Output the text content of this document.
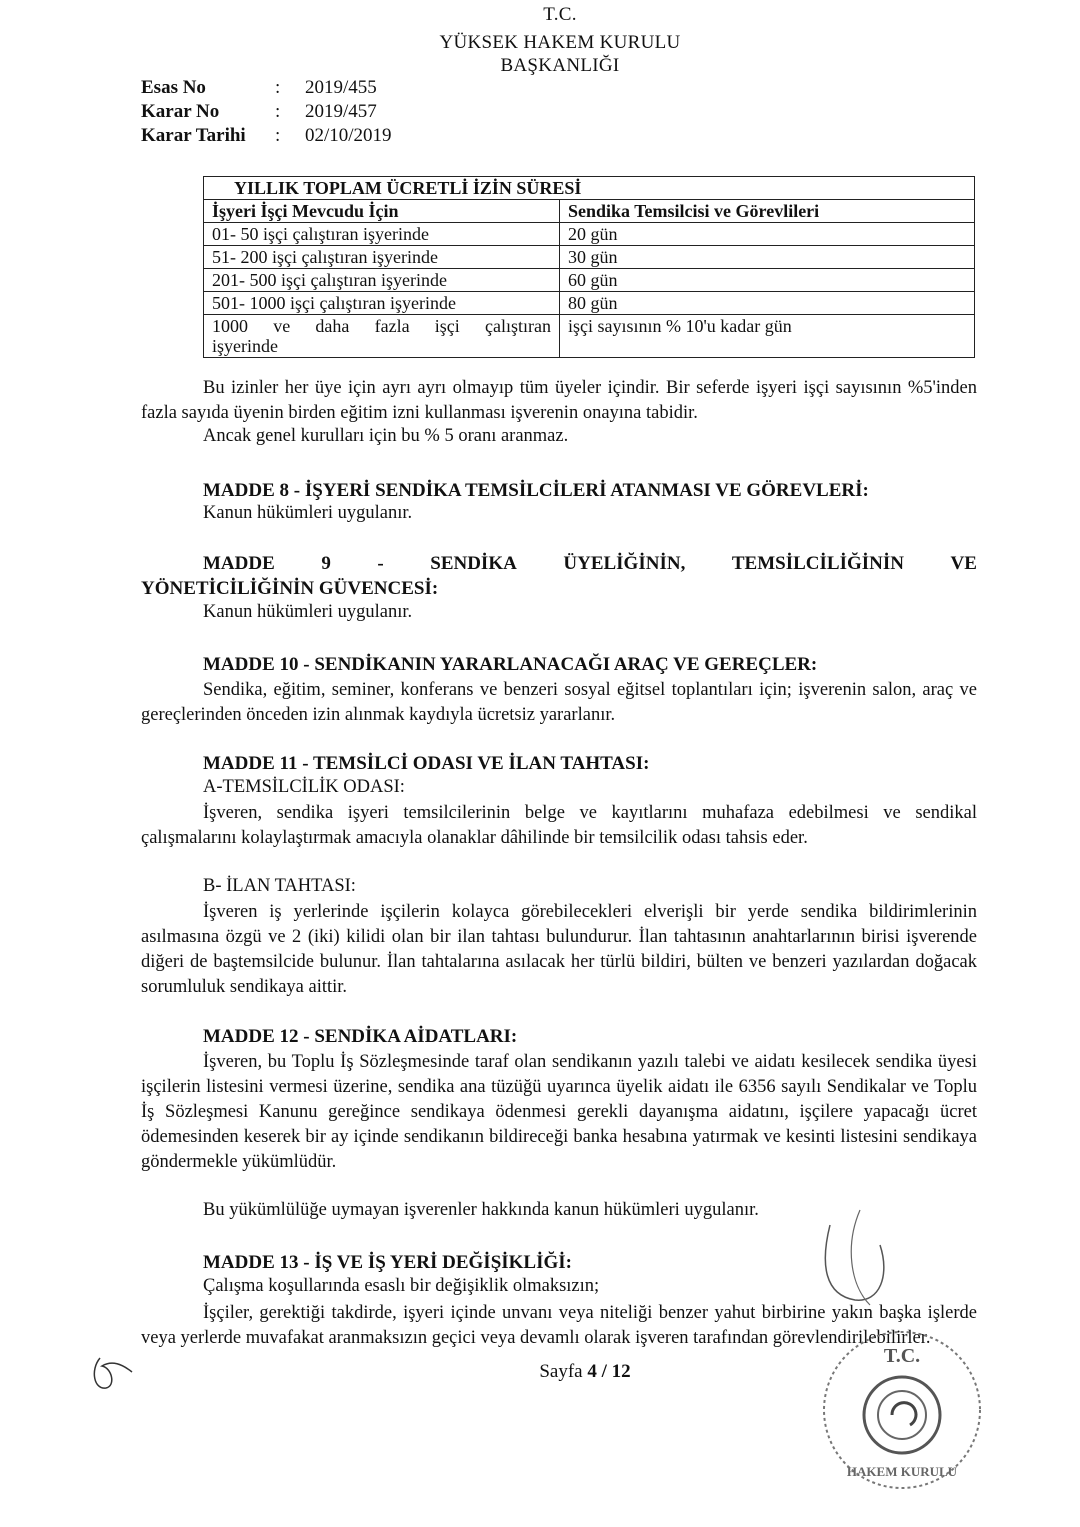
T.C.
YÜKSEK HAKEM KURULU
BAŞKANLIĞI
Esas No	: 2019/455
Karar No	: 2019/457
Karar Tarihi : 02/10/2019
YILLIK TOPLAM ÜCRETLİ İZİN SÜRESİ	
İşyeri İşçi Mevcudu İçin	Sendika Temsilcisi ve Görevlileri
01- 50 işçi çalıştıran işyerinde	20 gün
51- 200 işçi çalıştıran işyerinde	30 gün
201- 500 işçi çalıştıran işyerinde	60 gün
501- 1000 işçi çalıştıran işyerinde	80 gün

1000 ve daha fazla işçi çalıştıran
işyerinde	işçi sayısının % 10'u kadar gün
Bu izinler her üye için ayrı ayrı olmayıp tüm üyeler içindir. Bir seferde işyeri işçi sayısının %5'inden fazla sayıda üyenin birden eğitim izni kullanması işverenin onayına tabidir.
Ancak genel kurulları için bu % 5 oranı aranmaz.
MADDE 8 - İŞYERİ SENDİKA TEMSİLCİLERİ ATANMASI VE GÖREVLERİ:
Kanun hükümleri uygulanır.
MADDE 9 - SENDİKA ÜYELİĞİNİN, TEMSİLCİLİĞİNİN VE
YÖNETİCİLİĞİNİN GÜVENCESİ:
Kanun hükümleri uygulanır.
MADDE 10 - SENDİKANIN YARARLANACAĞI ARAÇ VE GEREÇLER:
Sendika, eğitim, seminer, konferans ve benzeri sosyal eğitsel toplantıları için; işverenin salon, araç ve gereçlerinden önceden izin alınmak kaydıyla ücretsiz yararlanır.
MADDE 11 - TEMSİLCİ ODASI VE İLAN TAHTASI:
A-TEMSİLCİLİK ODASI:
İşveren, sendika işyeri temsilcilerinin belge ve kayıtlarını muhafaza edebilmesi ve sendikal çalışmalarını kolaylaştırmak amacıyla olanaklar dâhilinde bir temsilcilik odası tahsis eder.
B- İLAN TAHTASI:
İşveren iş yerlerinde işçilerin kolayca görebilecekleri elverişli bir yerde sendika bildirimlerinin asılmasına özgü ve 2 (iki) kilidi olan bir ilan tahtası bulundurur. İlan tahtasının anahtarlarının birisi işverende diğeri de baştemsilcide bulunur. İlan tahtalarına asılacak her türlü bildiri, bülten ve benzeri yazılardan doğacak sorumluluk sendikaya aittir.
MADDE 12 - SENDİKA AİDATLARI:
İşveren, bu Toplu İş Sözleşmesinde taraf olan sendikanın yazılı talebi ve aidatı kesilecek sendika üyesi işçilerin listesini vermesi üzerine, sendika ana tüzüğü uyarınca üyelik aidatı ile 6356 sayılı Sendikalar ve Toplu İş Sözleşmesi Kanunu gereğince sendikaya ödenmesi gerekli dayanışma aidatını, işçilere yapacağı ücret ödemesinden keserek bir ay içinde sendikanın bildireceği banka hesabına yatırmak ve kesinti listesini sendikaya göndermekle yükümlüdür.
Bu yükümlülüğe uymayan işverenler hakkında kanun hükümleri uygulanır.
MADDE 13 - İŞ VE İŞ YERİ DEĞİŞİKLİĞİ:
Çalışma koşullarında esaslı bir değişiklik olmaksızın;
İşçiler, gerektiği takdirde, işyeri içinde unvanı veya niteliği benzer yahut birbirine yakın başka işlerde veya yerlerde muvafakat aranmaksızın geçici veya devamlı olarak işveren tarafından görevlendirilebilirler.
Sayfa 4 / 12
T.C.
HAKEM KURULU
